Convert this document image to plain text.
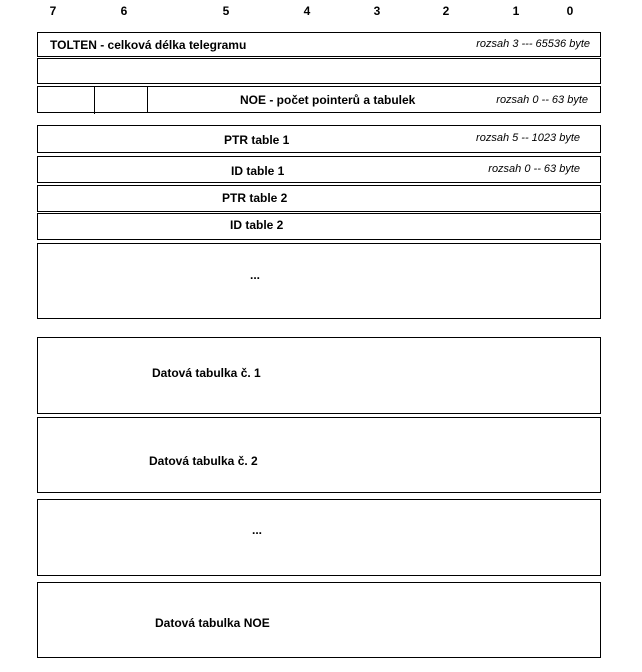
7	6	5	4	3	2	1	0
TOLTEN - celková délka telegramu	rozsah 3 --- 65536 byte
NOE - počet pointerů a tabulek	rozsah 0 -- 63 byte
PTR table 1	rozsah 5 -- 1023 byte
ID table 1	rozsah 0 -- 63 byte
PTR table 2
ID table 2
...
Datová tabulka č. 1
Datová tabulka č. 2
...
Datová tabulka NOE
